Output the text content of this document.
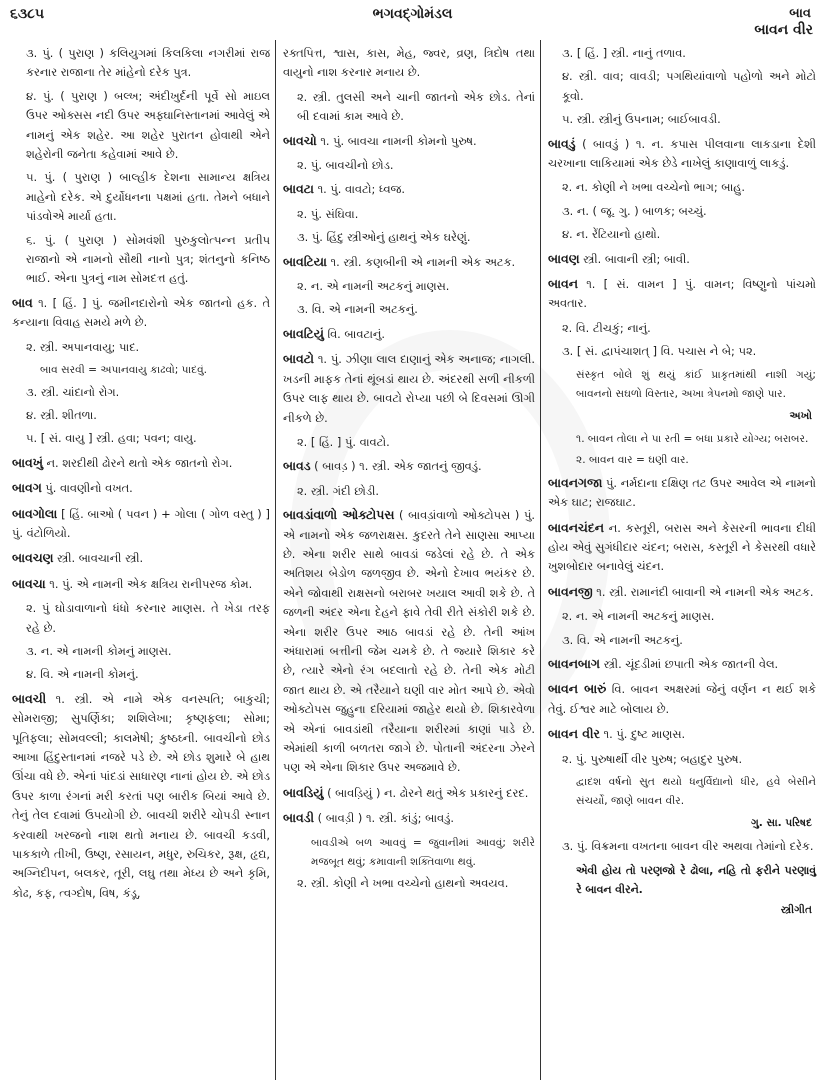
૬૩૮૫	ભગવદ્ગોમંડલ	બાવ
બાવન વીર
૩. પું. ( પુરાણ ) કલિયુગમાં કિલકિલા નગરીમાં રાજ કરનાર રાજાના તેર માંહેનો દરેક પુત્ર.
૪. પું. ( પુરાણ ) બલ્ખ; અંદીખુર્દની પૂર્વે સો માઇલ ઉપર ઓક્સસ નદી ઉપર અફ્ઘાનિસ્તાનમાં આવેલું એ નામનું એક શહેર. આ શહેર પુરાતન હોવાથી એને શહેરોની જનેતા કહેવામાં આવે છે.
૫. પું. ( પુરાણ ) બાલ્હીક દેશના સામાન્ય ક્ષત્રિય માહેનો દરેક. એ દુર્યોધનના પક્ષમાં હતા. તેમને બધાને પાંડવોએ માર્યા હતા.
૬. પું. ( પુરાણ ) સોમવંશી પુરુકુલોત્પન્ન પ્રતીપ રાજાનો એ નામનો સૌથી નાનો પુત્ર; શંતનુનો કનિષ્ઠ ભાઈ. એના પુત્રનું નામ સોમદત્ત હતું.
બાવ ૧. [ હિં. ] પું. જમીનદારોનો એક જાતનો હક. તે કન્યાના વિવાહ સમયે મળે છે.
૨. સ્ત્રી. અપાનવાયુ; પાદ.
બાવ સરવી = અપાનવાયુ કાઢવો; પાદવું.
૩. સ્ત્રી. ચાંદાનો રોગ.
૪. સ્ત્રી. શીતળા.
૫. [ સં. વાયુ ] સ્ત્રી. હવા; પવન; વાયુ.
બાવખું ન. શરદીથી ઢોરને થતો એક જાતનો રોગ.
બાવગ પું. વાવણીનો વખત.
બાવગોલા [ હિં. બાઓ ( પવન ) + ગોલા ( ગોળ વસ્તુ ) ] પું. વંટોળિયો.
બાવચણ સ્ત્રી. બાવચાની સ્ત્રી.
બાવચા ૧. પું. એ નામની એક ક્ષત્રિય રાનીપરજ કોમ.
૨. પું ઘોડાવાળાનો ધંધો કરનાર માણસ. તે ખેડા તરફ રહે છે.
૩. ન. એ નામની કોમનું માણસ.
૪. વિ. એ નામની કોમનું.
બાવચી ૧. સ્ત્રી. એ નામે એક વનસ્પતિ; બાકુચી; સોમરાજી; સુપર્ણિકા; શશિલેખા; કૃષ્ણફલા; સોમા; પૂતિફલા; સોમવલ્લી; કાલમેષી; કુષ્ઠઘ્ની. બાવચીનો છોડ આખા હિંદુસ્તાનમાં નજરે પડે છે. એ છોડ શુમારે બે હાથ ઊંચા વધે છે. એનાં પાંદડાં સાધારણ નાનાં હોય છે. એ છોડ ઉપર કાળા રંગનાં મરી કરતાં પણ બારીક બિયાં આવે છે. તેનું તેલ દવામાં ઉપયોગી છે. બાવચી શરીરે ચોપડી સ્નાન કરવાથી ખરજનો નાશ થતો મનાય છે. બાવચી કડવી, પાકકાળે તીખી, ઉષ્ણ, રસાયન, મધુર, રુચિકર, રૂક્ષ, હૃદ્ય, અગ્નિદીપન, બલકર, તૂરી, લઘુ તથા મેધ્ય છે અને કૃમિ, કોઢ, કફ, ત્વગ્દોષ, વિષ, કંડૂ,
રક્તપિત્ત, શ્વાસ, કાસ, મેહ, જ્વર, વ્રણ, ત્રિદોષ તથા વાયુનો નાશ કરનાર મનાય છે.
૨. સ્ત્રી. તુલસી અને ચાની જાતનો એક છોડ. તેનાં બી દવામાં કામ આવે છે.
બાવચો ૧. પું. બાવચા નામની કોમનો પુરુષ.
૨. પું. બાવચીનો છોડ.
બાવટા ૧. પું. વાવટો; ધ્વજ.
૨. પું. સંઘિવા.
૩. પું. હિંદુ સ્ત્રીઓનું હાથનું એક ઘરેણું.
બાવટિયા ૧. સ્ત્રી. કણબીની એ નામની એક અટક.
૨. ન. એ નામની અટકનું માણસ.
૩. વિ. એ નામની અટકનું.
બાવટિયું વિ. બાવટાનું.
બાવટો ૧. પું. ઝીણા લાલ દાણાનું એક અનાજ; નાગલી. ખડની માફક તેનાં થૂંબડાં થાય છે. અંદરથી સળી નીકળી ઉપર લાફ થાય છે. બાવટો રોપ્યા પછી બે દિવસમાં ઊગી નીકળે છે.
૨. [ હિં. ] પું. વાવટો.
બાવડ ( બાવડ઼ ) ૧. સ્ત્રી. એક જાતનું જીવડું.
૨. સ્ત્રી. ગંદી છોડી.
બાવડાંવાળો ઓક્ટોપસ ( બાવડ઼ાંવાળો ઓક્ટોપસ ) પું. એ નામનો એક જળરાક્ષસ. કુદરતે તેને સાણસા આપ્યા છે. એના શરીર સાથે બાવડાં જડેલાં રહે છે. તે એક અતિશય બેડોળ જળજીવ છે. એનો દેખાવ ભયંકર છે. એને જોવાથી રાક્ષસનો બરાબર ખયાલ આવી શકે છે. તે જળની અંદર એના દેહને ફાવે તેવી રીતે સંકોરી શકે છે. એના શરીર ઉપર આઠ બાવડાં રહે છે. તેની આંખ અંધારામાં બત્તીની જેમ ચમકે છે. તે જ્યારે શિકાર કરે છે, ત્યારે એનો રંગ બદલાતો રહે છે. તેની એક મોટી જાત થાય છે. એ તરૈયાને ઘણી વાર મોત આપે છે. એવો ઓક્ટોપસ જુહુના દરિયામાં જાહેર થયો છે. શિકારવેળા એ એનાં બાવડાંથી તરૈયાના શરીરમાં કાણાં પાડે છે. એમાંથી કાળી બળતરા જાગે છે. પોતાની અંદરના ઝેરને પણ એ એના શિકાર ઉપર અજમાવે છે.
બાવડિયું ( બાવડ઼િયું ) ન. ઢોરને થતું એક પ્રકારનું દરદ.
બાવડી ( બાવડ઼ી ) ૧. સ્ત્રી. કાંડું; બાવડું.
બાવડીએ બળ આવવું = જુવાનીમાં આવવું; શરીરે મજબૂત થવું; કમાવાની શક્તિવાળા થવું.
૨. સ્ત્રી. કોણી ને ખભા વચ્ચેનો હાથનો અવયવ.
૩. [ હિં. ] સ્ત્રી. નાનું તળાવ.
૪. સ્ત્રી. વાવ; વાવડી; પગથિયાંવાળો પહોળો અને મોટો કૂવો.
૫. સ્ત્રી. સ્ત્રીનું ઉપનામ; બાઈબાવડી.
બાવડું ( બાવડ઼ું ) ૧. ન. કપાસ પીલવાના લાકડાના દેશી ચરખાના લાકિયામાં એક છેડે નાખેલું કાણાવાળું લાકડું.
૨. ન. કોણી ને ખભા વચ્ચેનો ભાગ; બાહુ.
૩. ન. ( જૂ. ગુ. ) બાળક; બચ્ચું.
૪. ન. રેંટિયાનો હાથો.
બાવણ સ્ત્રી. બાવાની સ્ત્રી; બાવી.
બાવન ૧. [ સં. વામન ] પું. વામન; વિષ્ણુનો પાંચમો અવતાર.
૨. વિ. ટીચકું; નાનું.
૩. [ સં. દ્વાપંચાશત્ ] વિ. પચાસ ને બે; ૫૨.
સંસ્કૃત બોલે શું થયું કાંઈ પ્રાકૃતમાંથી નાશી ગયું; બાવનનો સઘળો વિસ્તાર, અખા ત્રેપનમો જાણે પાર.
અખો
૧. બાવન તોલા ને પા રતી = બધા પ્રકારે યોગ્ય; બરાબર.
૨. બાવન વાર = ઘણી વાર.
બાવનગજા પું. નર્મદાના દક્ષિણ તટ ઉપર આવેલ એ નામનો એક ઘાટ; રાજઘાટ.
બાવનચંદન ન. કસ્તૂરી, બરાસ અને કેસરની ભાવના દીધી હોય એવું સુગંધીદાર ચંદન; બરાસ, કસ્તૂરી ને કેસરથી વધારે ખુશબોદાર બનાવેલું ચંદન.
બાવનજી ૧. સ્ત્રી. રામાનંદી બાવાની એ નામની એક અટક.
૨. ન. એ નામની અટકનું માણસ.
૩. વિ. એ નામની અટકનું.
બાવનબાગ સ્ત્રી. ચૂંદડીમાં છપાતી એક જાતની વેલ.
બાવન બારું વિ. બાવન અક્ષરમાં જેનું વર્ણન ન થઈ શકે તેવું. ઈશ્વર માટે બોલાય છે.
બાવન વીર ૧. પું. દુષ્ટ માણસ.
૨. પું. પુરુષાર્થી વીર પુરુષ; બહાદુર પુરુષ.
દ્વાદશ વર્ષનો સુત થયો ધનુર્વિદ્યાનો ધીર, હવે બેસીને સંચર્યો, જાણે બાવન વીર.
ગુ. સા. પરિષદ
૩. પું. વિક્રમના વખતના બાવન વીર અથવા તેમાંનો દરેક.
એવી હોય તો પરણજો રે ઢોલા, નહિ તો ફરીને પરણાવું રે બાવન વીરને.
સ્ત્રીગીત
